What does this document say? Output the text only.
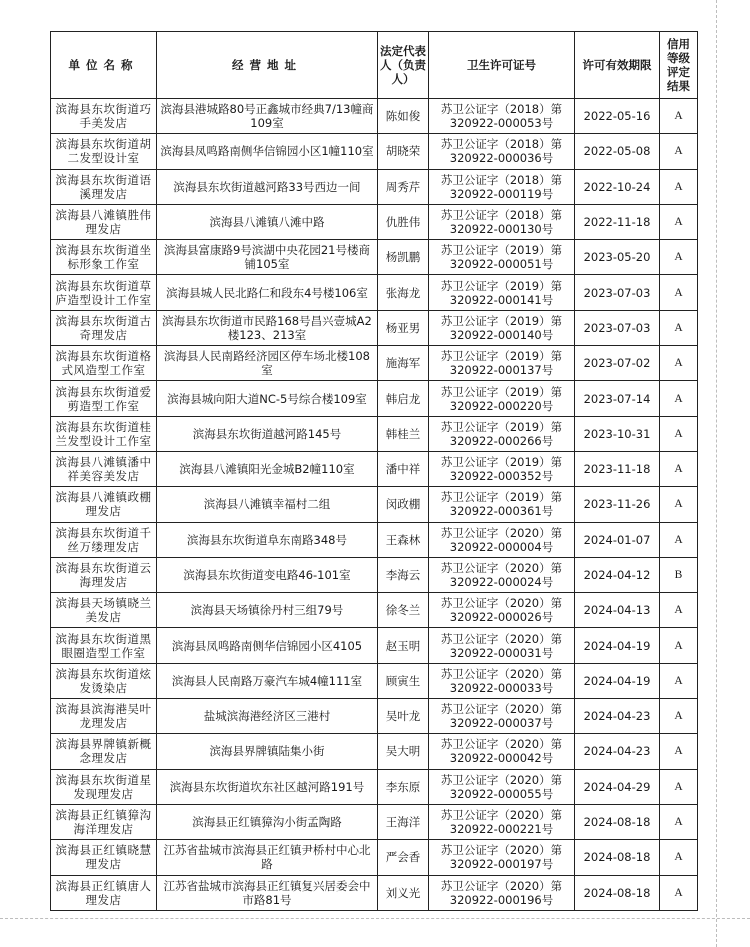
单位名称	经营地址	法定代表人（负责人）	卫生许可证号	许可有效期限	信用等级评定结果
滨海县东坎街道巧手美发店	滨海县港城路80号正鑫城市经典7/13幢商109室	陈如俊	苏卫公证字（2018）第320922-000053号	2022-05-16	A
滨海县东坎街道胡二发型设计室	滨海县凤鸣路南侧华信锦园小区1幢110室	胡晓荣	苏卫公证字（2018）第320922-000036号	2022-05-08	A
滨海县东坎街道语溪理发店	滨海县东坎街道越河路33号西边一间	周秀芹	苏卫公证字（2018）第320922-000119号	2022-10-24	A
滨海县八滩镇胜伟理发店	滨海县八滩镇八滩中路	仇胜伟	苏卫公证字（2018）第320922-000130号	2022-11-18	A
滨海县东坎街道坐标形象工作室	滨海县富康路9号滨湖中央花园21号楼商铺105室	杨凯鹏	苏卫公证字（2019）第320922-000051号	2023-05-20	A
滨海县东坎街道草庐造型设计工作室	滨海县城人民北路仁和段东4号楼106室	张海龙	苏卫公证字（2019）第320922-000141号	2023-07-03	A
滨海县东坎街道古奇理发店	滨海县东坎街道市民路168号昌兴壹城A2楼123、213室	杨亚男	苏卫公证字（2019）第320922-000140号	2023-07-03	A
滨海县东坎街道格式风造型工作室	滨海县人民南路经济园区停车场北楼108室	施海军	苏卫公证字（2019）第320922-000137号	2023-07-02	A
滨海县东坎街道爱剪造型工作室	滨海县城向阳大道NC-5号综合楼109室	韩启龙	苏卫公证字（2019）第320922-000220号	2023-07-14	A
滨海县东坎街道桂兰发型设计工作室	滨海县东坎街道越河路145号	韩桂兰	苏卫公证字（2019）第320922-000266号	2023-10-31	A
滨海县八滩镇潘中祥美容美发店	滨海县八滩镇阳光金城B2幢110室	潘中祥	苏卫公证字（2019）第320922-000352号	2023-11-18	A
滨海县八滩镇政棚理发店	滨海县八滩镇幸福村二组	闵政棚	苏卫公证字（2019）第320922-000361号	2023-11-26	A
滨海县东坎街道千丝万缕理发店	滨海县东坎街道阜东南路348号	王森林	苏卫公证字（2020）第320922-000004号	2024-01-07	A
滨海县东坎街道云海理发店	滨海县东坎街道变电路46-101室	李海云	苏卫公证字（2020）第320922-000024号	2024-04-12	B
滨海县天场镇晓兰美发店	滨海县天场镇徐丹村三组79号	徐冬兰	苏卫公证字（2020）第320922-000026号	2024-04-13	A
滨海县东坎街道黑眼圈造型工作室	滨海县凤鸣路南侧华信锦园小区4105	赵玉明	苏卫公证字（2020）第320922-000031号	2024-04-19	A
滨海县东坎街道炫发烫染店	滨海县人民南路万豪汽车城4幢111室	顾寅生	苏卫公证字（2020）第320922-000033号	2024-04-19	A
滨海县滨海港吴叶龙理发店	盐城滨海港经济区三港村	吴叶龙	苏卫公证字（2020）第320922-000037号	2024-04-23	A
滨海县界牌镇新概念理发店	滨海县界牌镇陆集小街	吴大明	苏卫公证字（2020）第320922-000042号	2024-04-23	A
滨海县东坎街道星发现理发店	滨海县东坎街道坎东社区越河路191号	李东原	苏卫公证字（2020）第320922-000055号	2024-04-29	A
滨海县正红镇獐沟海洋理发店	滨海县正红镇獐沟小街孟陶路	王海洋	苏卫公证字（2020）第320922-000221号	2024-08-18	A
滨海县正红镇晓慧理发店	江苏省盐城市滨海县正红镇尹桥村中心北路	严会香	苏卫公证字（2020）第320922-000197号	2024-08-18	A
滨海县正红镇唐人理发店	江苏省盐城市滨海县正红镇复兴居委会中市路81号	刘义光	苏卫公证字（2020）第320922-000196号	2024-08-18	A
